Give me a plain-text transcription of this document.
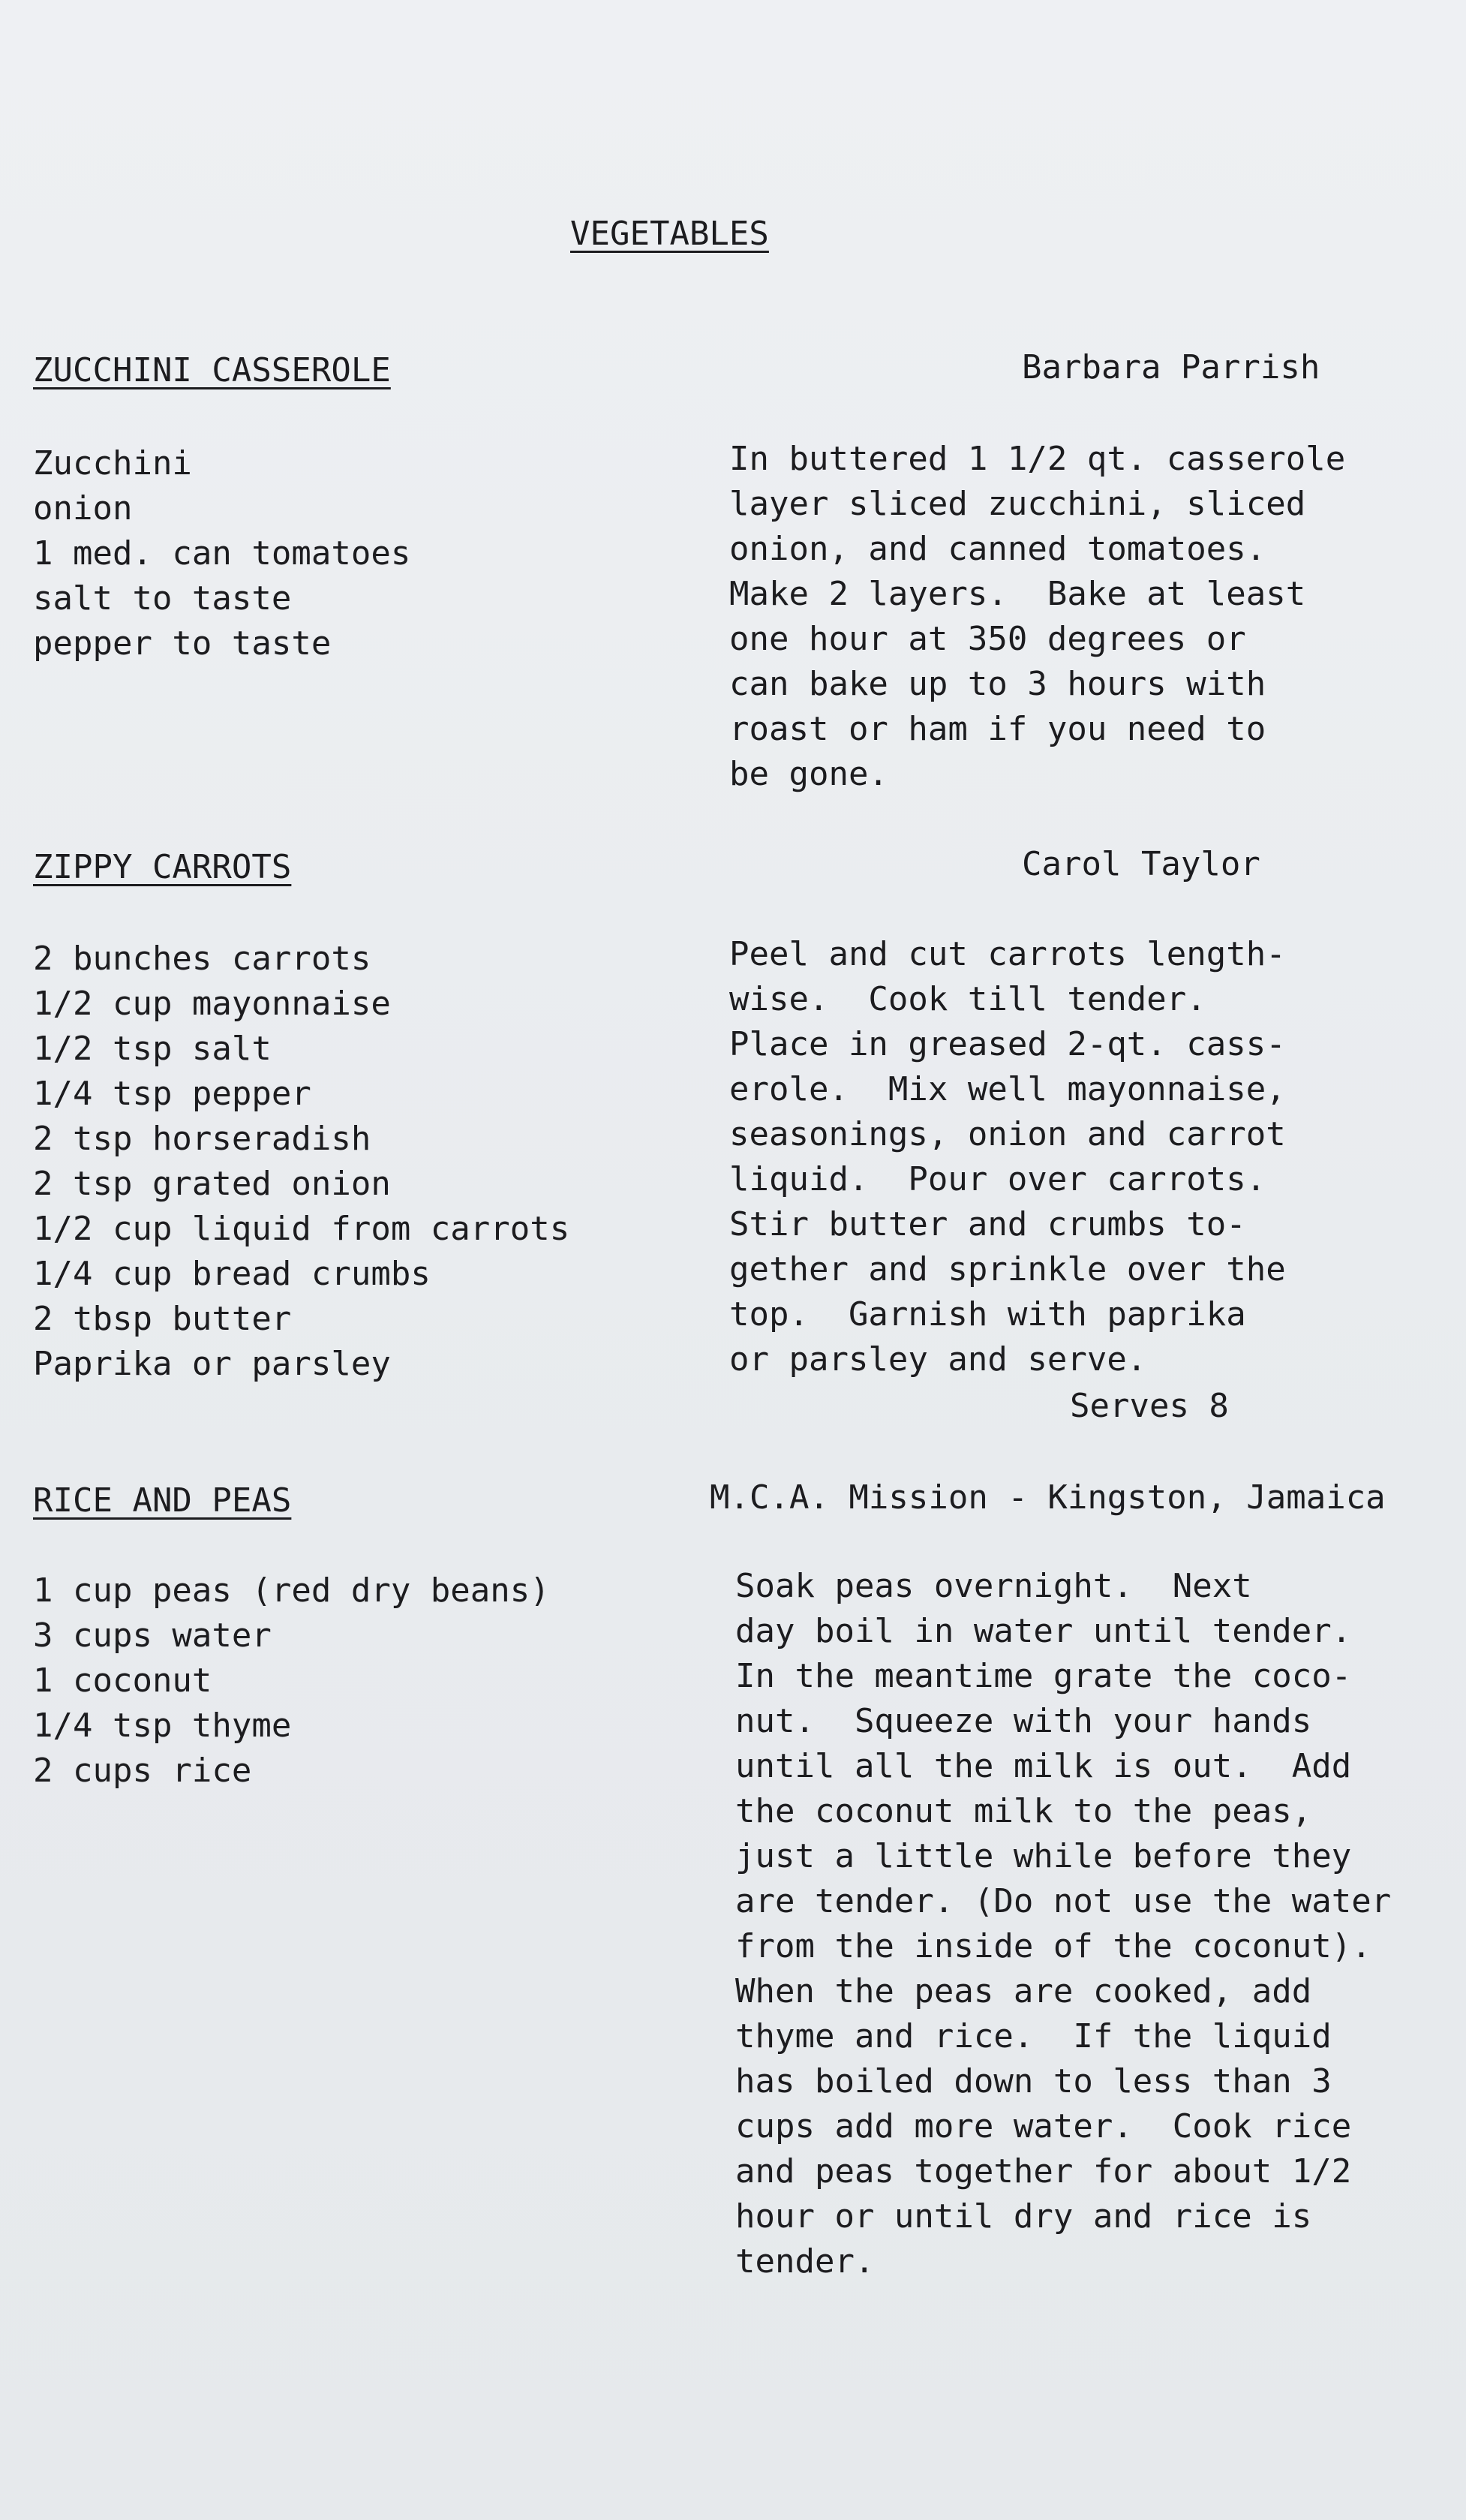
VEGETABLES

ZUCCHINI CASSEROLE	Barbara Parrish

Zucchini
onion
1 med. can tomatoes
salt to taste
pepper to taste
In buttered 1 1/2 qt. casserole
layer sliced zucchini, sliced
onion, and canned tomatoes.
Make 2 layers.  Bake at least
one hour at 350 degrees or
can bake up to 3 hours with
roast or ham if you need to
be gone.

ZIPPY CARROTS	Carol Taylor

2 bunches carrots
1/2 cup mayonnaise
1/2 tsp salt
1/4 tsp pepper
2 tsp horseradish
2 tsp grated onion
1/2 cup liquid from carrots
1/4 cup bread crumbs
2 tbsp butter
Paprika or parsley
Peel and cut carrots length-
wise.  Cook till tender.
Place in greased 2-qt. cass-
erole.  Mix well mayonnaise,
seasonings, onion and carrot
liquid.  Pour over carrots.
Stir butter and crumbs to-
gether and sprinkle over the
top.  Garnish with paprika
or parsley and serve.

Serves 8

RICE AND PEAS	M.C.A. Mission - Kingston, Jamaica

1 cup peas (red dry beans)
3 cups water
1 coconut
1/4 tsp thyme
2 cups rice
Soak peas overnight.  Next
day boil in water until tender.
In the meantime grate the coco-
nut.  Squeeze with your hands
until all the milk is out.  Add
the coconut milk to the peas,
just a little while before they
are tender. (Do not use the water
from the inside of the coconut).
When the peas are cooked, add
thyme and rice.  If the liquid
has boiled down to less than 3
cups add more water.  Cook rice
and peas together for about 1/2
hour or until dry and rice is
tender.
